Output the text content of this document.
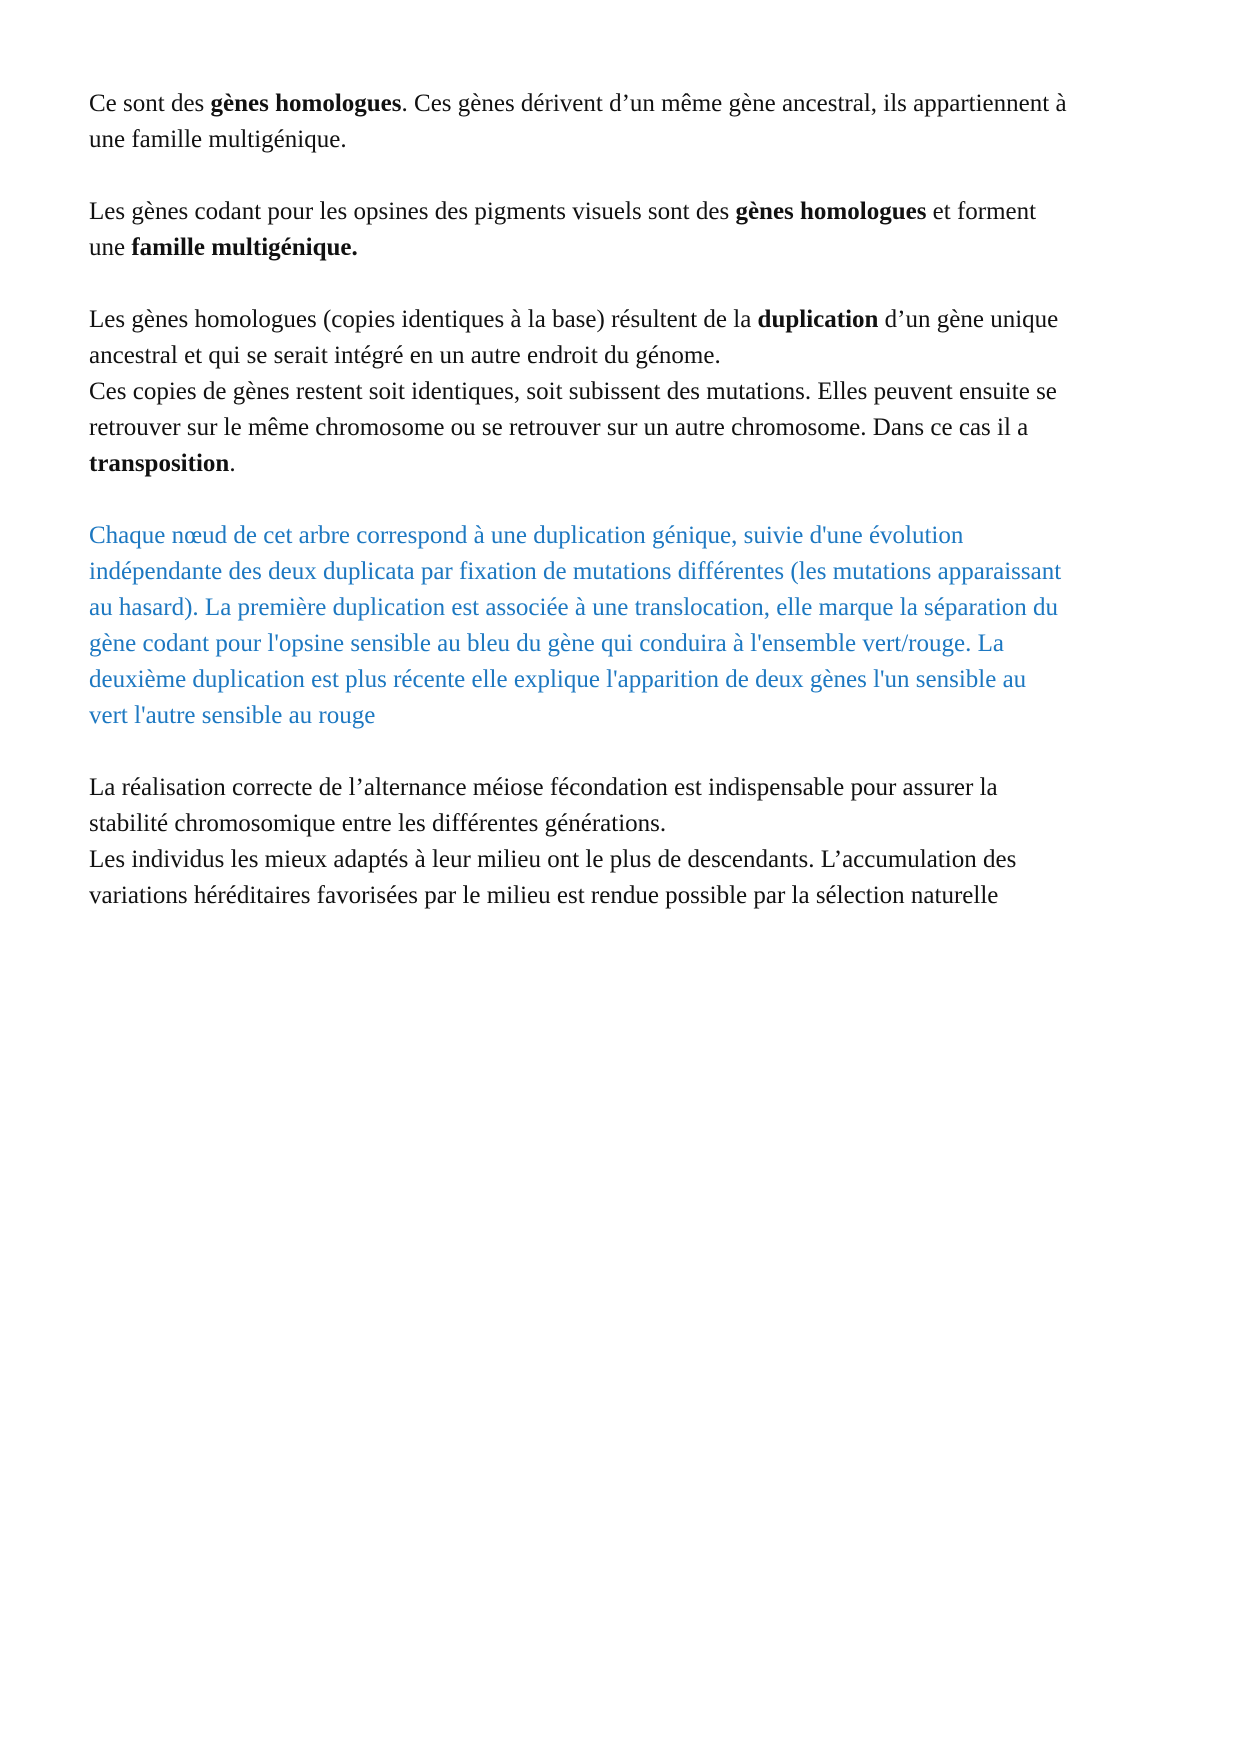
Ce sont des gènes homologues. Ces gènes dérivent d’un même gène ancestral, ils appartiennent à
une famille multigénique.
Les gènes codant pour les opsines des pigments visuels sont des gènes homologues et forment
une famille multigénique.
Les gènes homologues (copies identiques à la base) résultent de la duplication d’un gène unique
ancestral et qui se serait intégré en un autre endroit du génome.
Ces copies de gènes restent soit identiques, soit subissent des mutations. Elles peuvent ensuite se
retrouver sur le même chromosome ou se retrouver sur un autre chromosome. Dans ce cas il a
transposition.
Chaque nœud de cet arbre correspond à une duplication génique, suivie d'une évolution
indépendante des deux duplicata par fixation de mutations différentes (les mutations apparaissant
au hasard). La première duplication est associée à une translocation, elle marque la séparation du
gène codant pour l'opsine sensible au bleu du gène qui conduira à l'ensemble vert/rouge. La
deuxième duplication est plus récente elle explique l'apparition de deux gènes l'un sensible au
vert l'autre sensible au rouge
La réalisation correcte de l’alternance méiose fécondation est indispensable pour assurer la
stabilité chromosomique entre les différentes générations.
Les individus les mieux adaptés à leur milieu ont le plus de descendants. L’accumulation des
variations héréditaires favorisées par le milieu est rendue possible par la sélection naturelle
